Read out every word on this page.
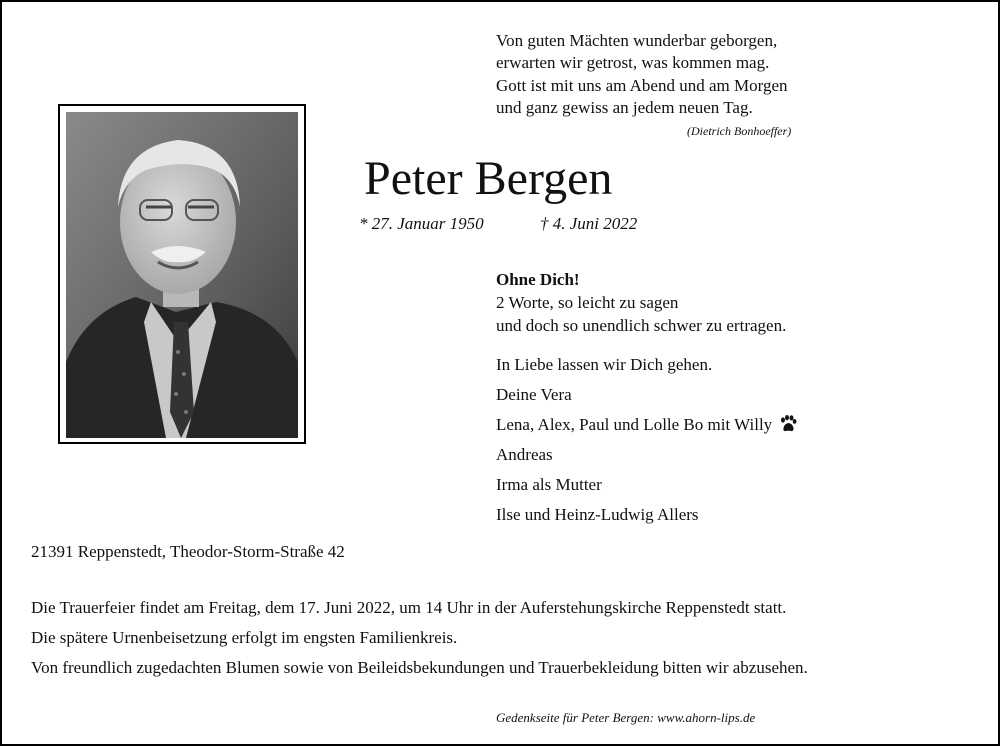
Von guten Mächten wunderbar geborgen,
erwarten wir getrost, was kommen mag.
Gott ist mit uns am Abend und am Morgen
und ganz gewiss an jedem neuen Tag.
(Dietrich Bonhoeffer)
Peter Bergen
* 27. Januar 1950	† 4. Juni 2022
Ohne Dich!
2 Worte, so leicht zu sagen
und doch so unendlich schwer zu ertragen.
In Liebe lassen wir Dich gehen.
Deine Vera
Lena, Alex, Paul und Lolle Bo mit Willy
Andreas
Irma als Mutter
Ilse und Heinz-Ludwig Allers
21391 Reppenstedt, Theodor-Storm-Straße 42
Die Trauerfeier findet am Freitag, dem 17. Juni 2022, um 14 Uhr in der Auferstehungskirche Reppenstedt statt.
Die spätere Urnenbeisetzung erfolgt im engsten Familienkreis.
Von freundlich zugedachten Blumen sowie von Beileidsbekundungen und Trauerbekleidung bitten wir abzusehen.
Gedenkseite für Peter Bergen: www.ahorn-lips.de
